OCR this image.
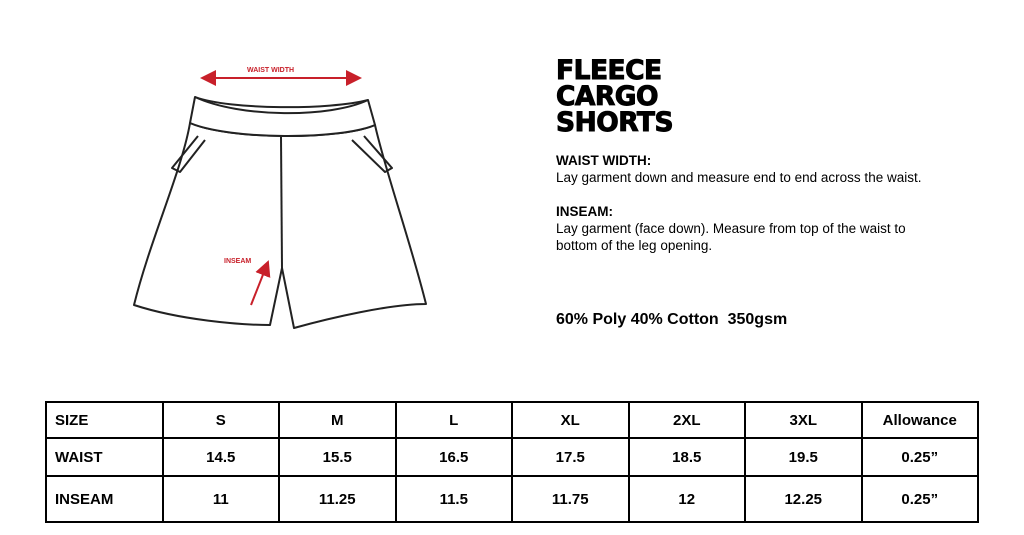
WAIST WIDTH
INSEAM
FLEECE
CARGO
SHORTS

WAIST WIDTH:

Lay garment down and measure end to end across the waist.

INSEAM:

Lay garment (face down). Measure from top of the waist to bottom of the leg opening.

60% Poly 40% Cotton  350gsm
SIZE	S	M	L	XL	2XL	3XL	Allowance
WAIST	14.5	15.5	16.5	17.5	18.5	19.5	0.25”
INSEAM	11	11.25	11.5	11.75	12	12.25	0.25”
